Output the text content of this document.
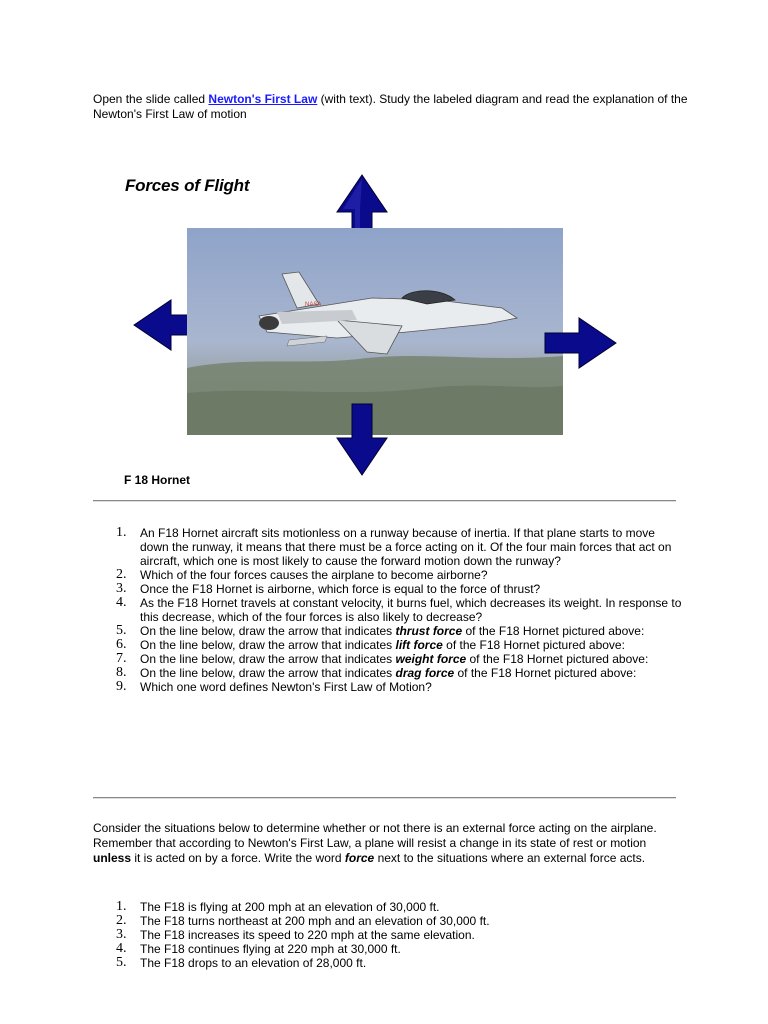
Open the slide called Newton's First Law (with text). Study the labeled diagram and read the explanation of the Newton's First Law of motion
Forces of Flight
NASA
F 18 Hornet
1. An F18 Hornet aircraft sits motionless on a runway because of inertia. If that plane starts to move down the runway, it means that there must be a force acting on it. Of the four main forces that act on aircraft, which one is most likely to cause the forward motion down the runway?
2. Which of the four forces causes the airplane to become airborne?
3. Once the F18 Hornet is airborne, which force is equal to the force of thrust?
4. As the F18 Hornet travels at constant velocity, it burns fuel, which decreases its weight. In response to this decrease, which of the four forces is also likely to decrease?
5. On the line below, draw the arrow that indicates thrust force of the F18 Hornet pictured above:
6. On the line below, draw the arrow that indicates lift force of the F18 Hornet pictured above:
7. On the line below, draw the arrow that indicates weight force of the F18 Hornet pictured above:
8. On the line below, draw the arrow that indicates drag force of the F18 Hornet pictured above:
9. Which one word defines Newton's First Law of Motion?
Consider the situations below to determine whether or not there is an external force acting on the airplane. Remember that according to Newton's First Law, a plane will resist a change in its state of rest or motion unless it is acted on by a force. Write the word force next to the situations where an external force acts.
1. The F18 is flying at 200 mph at an elevation of 30,000 ft.
2. The F18 turns northeast at 200 mph and an elevation of 30,000 ft.
3. The F18 increases its speed to 220 mph at the same elevation.
4. The F18 continues flying at 220 mph at 30,000 ft.
5. The F18 drops to an elevation of 28,000 ft.
